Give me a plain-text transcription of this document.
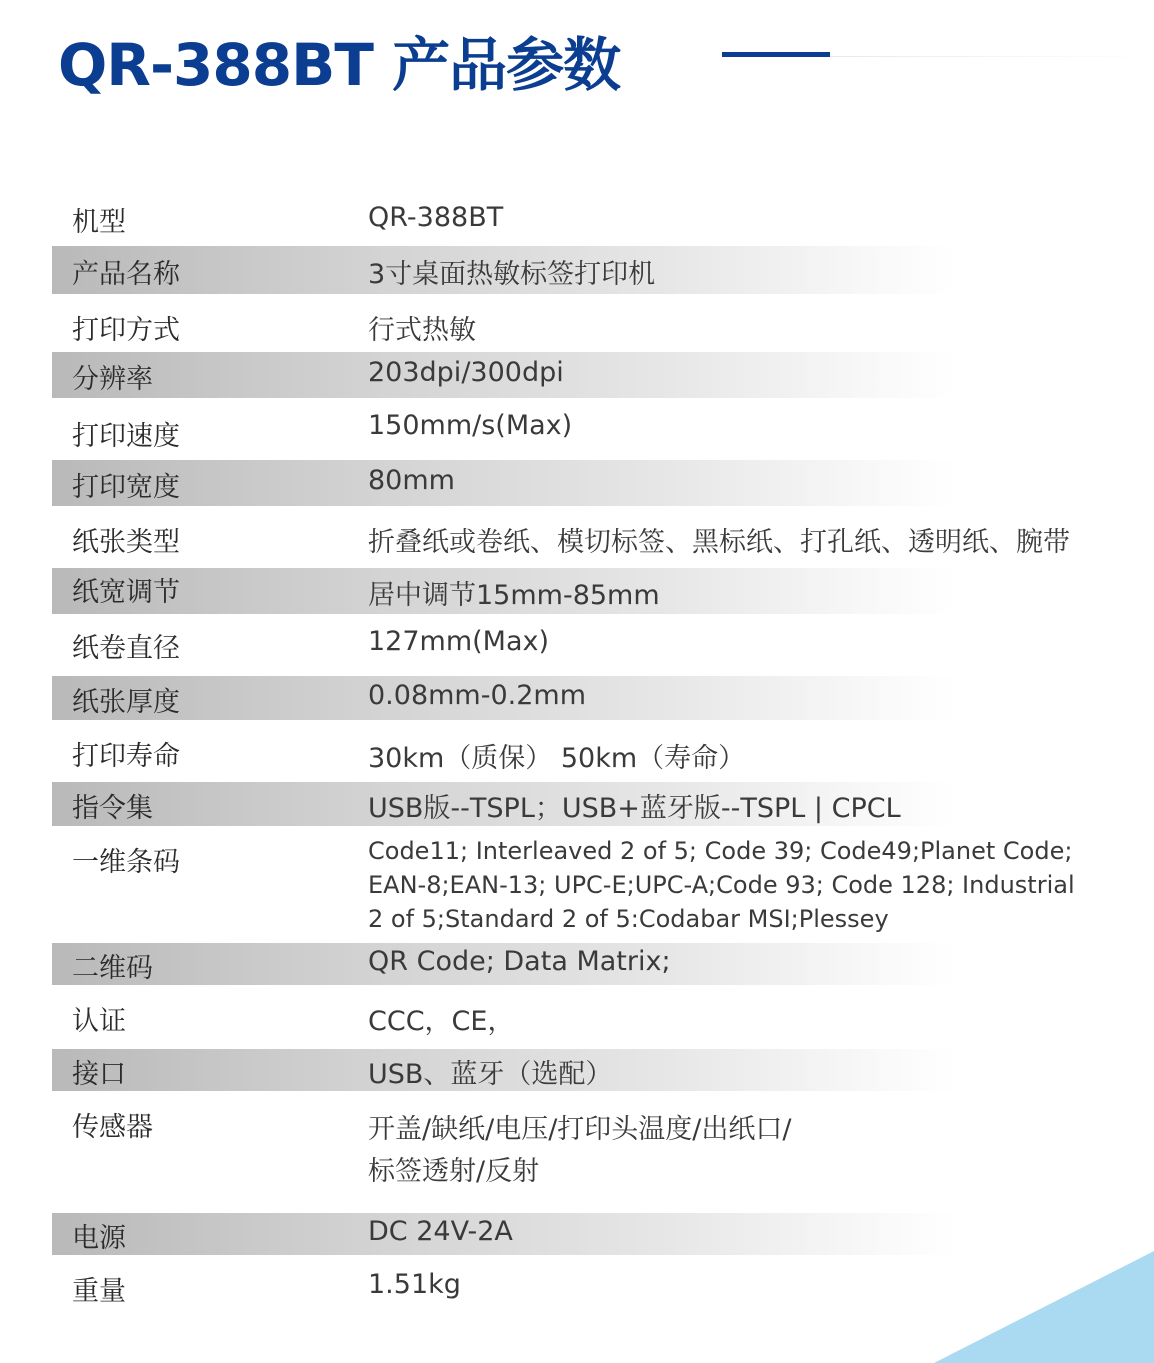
QR-388BT 产品参数
机型	QR-388BT
产品名称	3寸桌面热敏标签打印机
打印方式	行式热敏
分辨率	203dpi/300dpi
打印速度	150mm/s(Max)
打印宽度	80mm
纸张类型	折叠纸或卷纸、模切标签、黑标纸、打孔纸、透明纸、腕带
纸宽调节	居中调节15mm-85mm
纸卷直径	127mm(Max)
纸张厚度	0.08mm-0.2mm
打印寿命	30km（质保） 50km（寿命）
指令集	USB版--TSPL；USB+蓝牙版--TSPL | CPCL
一维条码	Code11; Interleaved 2 of 5; Code 39; Code49;Planet Code;
EAN-8;EAN-13; UPC-E;UPC-A;Code 93; Code 128; Industrial
2 of 5;Standard 2 of 5:Codabar MSI;Plessey
二维码	QR Code; Data Matrix;
认证	CCC，CE，
接口	USB、蓝牙（选配）
传感器	开盖/缺纸/电压/打印头温度/出纸口/
标签透射/反射
电源	DC 24V-2A
重量	1.51kg
